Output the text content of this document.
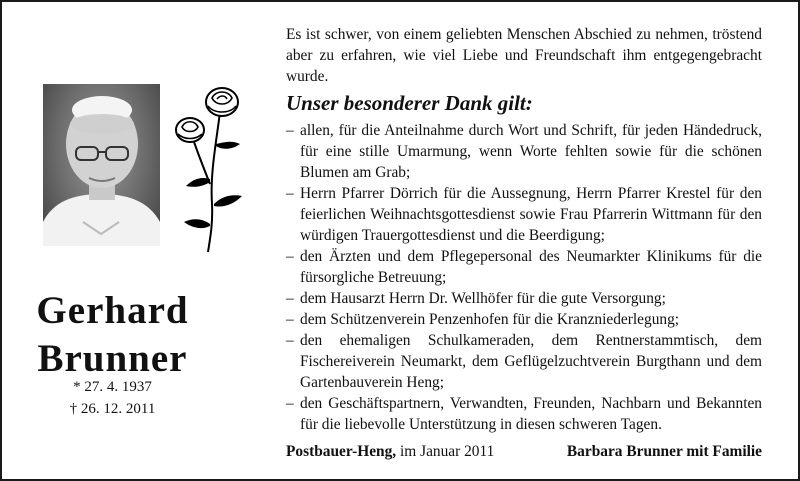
Gerhard
Brunner
* 27. 4. 1937
† 26. 12. 2011
Es ist schwer, von einem geliebten Menschen Abschied zu nehmen, tröstend aber zu erfahren, wie viel Liebe und Freundschaft ihm entgegengebracht wurde.
Unser besonderer Dank gilt:
– allen, für die Anteilnahme durch Wort und Schrift, für jeden Händedruck, für eine stille Umarmung, wenn Worte fehlten sowie für die schönen Blumen am Grab;
– Herrn Pfarrer Dörrich für die Aussegnung, Herrn Pfarrer Krestel für den feierlichen Weihnachtsgottesdienst sowie Frau Pfarrerin Wittmann für den würdigen Trauergottesdienst und die Beerdigung;
– den Ärzten und dem Pflegepersonal des Neumarkter Klinikums für die fürsorgliche Betreuung;
– dem Hausarzt Herrn Dr. Wellhöfer für die gute Versorgung;
– dem Schützenverein Penzenhofen für die Kranzniederlegung;
– den ehemaligen Schulkameraden, dem Rentnerstammtisch, dem Fischereiverein Neumarkt, dem Geflügelzuchtverein Burgthann und dem Gartenbauverein Heng;
– den Geschäftspartnern, Verwandten, Freunden, Nachbarn und Bekannten für die liebevolle Unterstützung in diesen schweren Tagen.
Postbauer-Heng, im Januar 2011	Barbara Brunner mit Familie
